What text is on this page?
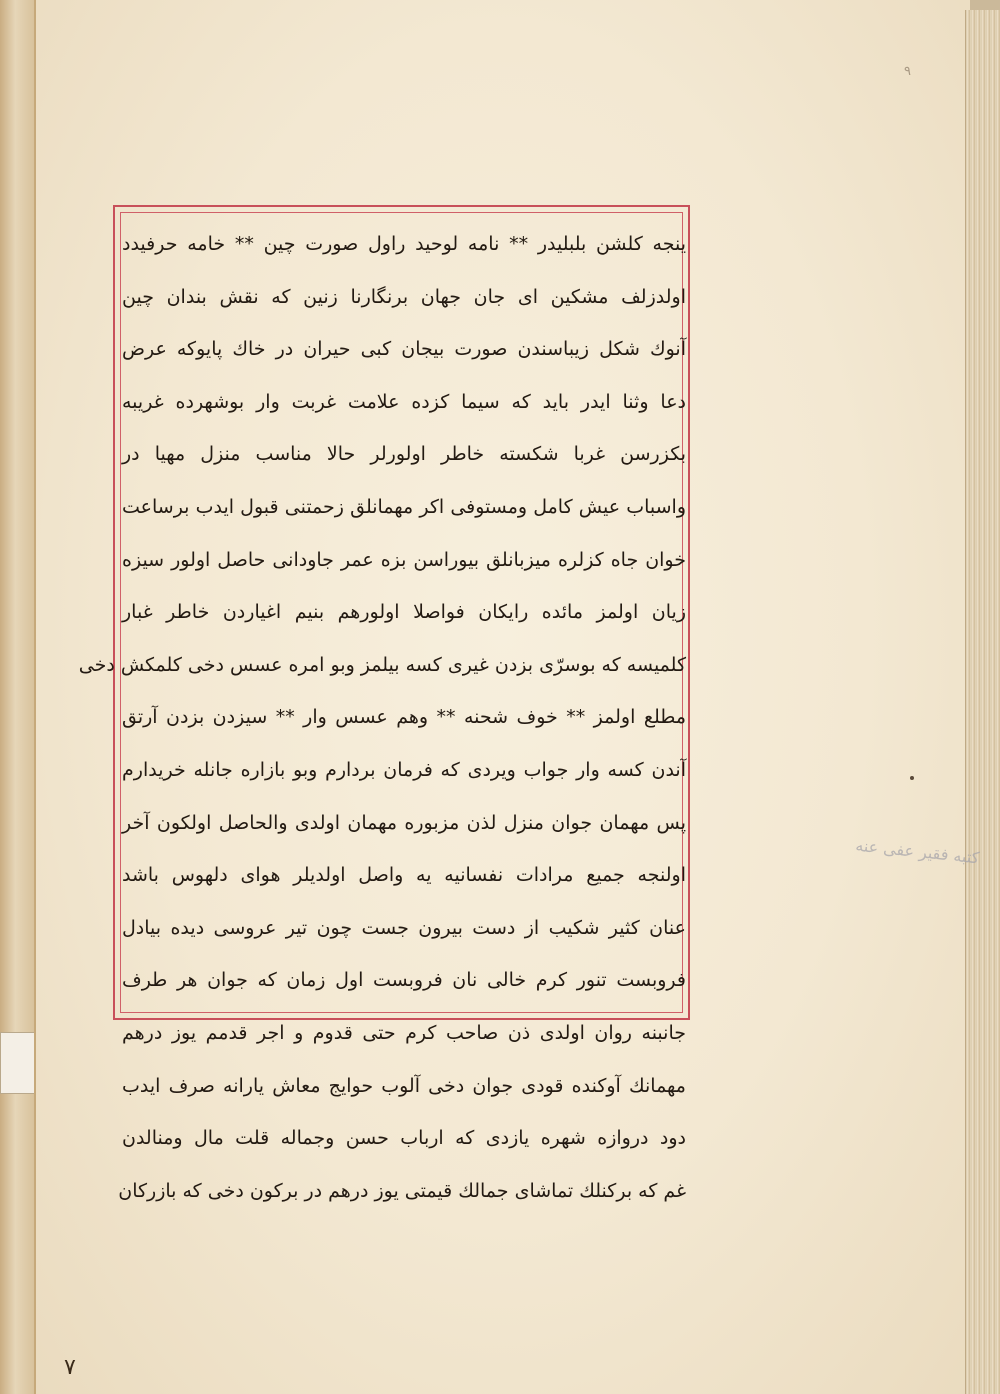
٩
ینجه کلشن بلبلیدر ** نامه لوحید راول صورت چین ** خامه حرفیدد
اولدزلف مشکین ای جان جهان برنگارنا زنین که نقش بندان چین
آنوك شکل زیباسندن صورت بیجان کبی حیران در خاك پایوکه عرض
دعا وثنا ایدر باید که سیما کزده علامت غربت وار بوشهرده غریبه
بکزرسن غربا شکسته خاطر اولورلر حالا مناسب منزل مهیا در
واسباب عیش کامل ومستوفی اکر مهمانلق زحمتنی قبول ایدب برساعت
خوان جاه کزلره میزبانلق بیوراسن بزه عمر جاودانی حاصل اولور سیزه
زیان اولمز مائده رایکان فواصلا اولورهم بنیم اغیاردن خاطر غبار
کلمیسه که بوسرّی بزدن غیری کسه بیلمز وبو امره عسس دخی کلمکش دخی
مطلع اولمز ** خوف شحنه ** وهم عسس وار ** سیزدن بزدن آرتق
آندن کسه وار جواب ویردی که فرمان بردارم وبو بازاره جانله خریدارم
پس مهمان جوان منزل لذن مزبوره مهمان اولدی والحاصل اولکون آخر
اولنجه جمیع مرادات نفسانیه یه واصل اولدیلر هوای دلهوس باشد
عنان کثیر شکیب از دست بیرون جست چون تیر عروسی دیده بیادل
فروبست تنور کرم خالی نان فروبست اول زمان که جوان هر طرف
جانبنه روان اولدی ذن صاحب کرم حتی قدوم و اجر قدمم یوز درهم
مهمانك آوکنده قودی جوان دخی آلوب حوایج معاش یارانه صرف ایدب
دود دروازه شهره یازدی که ارباب حسن وجماله قلت مال ومنالدن
غم که برکنلك تماشای جمالك قیمتی یوز درهم در برکون دخی که بازرکان
کتبه فقیر عفی عنه
٧
